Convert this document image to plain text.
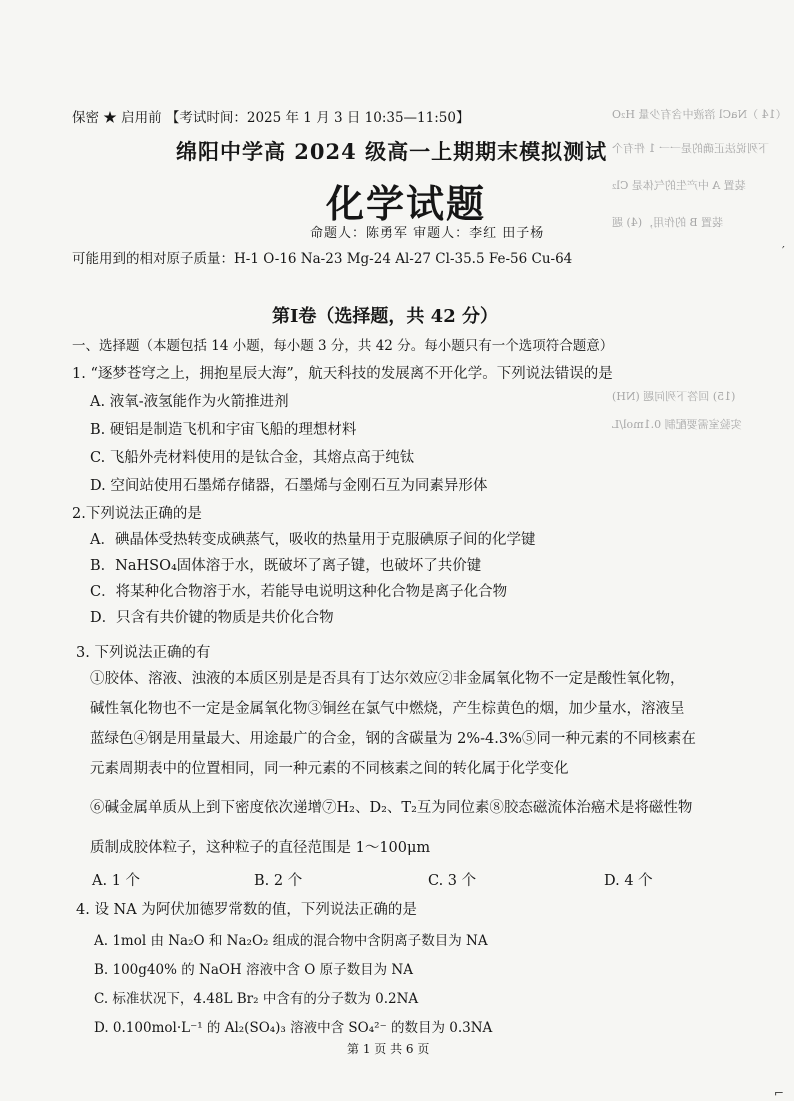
（14 ）NaCl 溶液中含有少量 H₂O
下列说法正确的是一一 1 件有个
装置 A 中产生的气体是 Cl₂
装置 B 的作用，(4) 题
(15) 回答下列问题 (NH)
实验室需要配制 0.1mol/L
′
⌐
保密 ★ 启用前 【考试时间：2025 年 1 月 3 日 10:35—11:50】
绵阳中学高 2024 级高一上期期末模拟测试
化学试题
命题人：陈勇军 审题人：李红 田子杨
可能用到的相对原子质量：H-1 O-16 Na-23 Mg-24 Al-27 Cl-35.5 Fe-56 Cu-64
第Ⅰ卷（选择题，共 42 分）
一、选择题（本题包括 14 小题，每小题 3 分，共 42 分。每小题只有一个选项符合题意）
1. “逐梦苍穹之上，拥抱星辰大海”，航天科技的发展离不开化学。下列说法错误的是
A. 液氧-液氢能作为火箭推进剂
B. 硬铝是制造飞机和宇宙飞船的理想材料
C. 飞船外壳材料使用的是钛合金，其熔点高于纯钛
D. 空间站使用石墨烯存储器，石墨烯与金刚石互为同素异形体
2.下列说法正确的是
A．碘晶体受热转变成碘蒸气，吸收的热量用于克服碘原子间的化学键
B．NaHSO₄固体溶于水，既破坏了离子键，也破坏了共价键
C．将某种化合物溶于水，若能导电说明这种化合物是离子化合物
D．只含有共价键的物质是共价化合物
3. 下列说法正确的有
①胶体、溶液、浊液的本质区别是是否具有丁达尔效应②非金属氧化物不一定是酸性氧化物，
碱性氧化物也不一定是金属氧化物③铜丝在氯气中燃烧，产生棕黄色的烟，加少量水，溶液呈
蓝绿色④钢是用量最大、用途最广的合金，钢的含碳量为 2%-4.3%⑤同一种元素的不同核素在
元素周期表中的位置相同，同一种元素的不同核素之间的转化属于化学变化
⑥碱金属单质从上到下密度依次递增⑦H₂、D₂、T₂互为同位素⑧胶态磁流体治癌术是将磁性物
质制成胶体粒子，这种粒子的直径范围是 1～100μm
A. 1 个	B. 2 个	C. 3 个	D. 4 个
4. 设 NA 为阿伏加德罗常数的值，下列说法正确的是
A. 1mol 由 Na₂O 和 Na₂O₂ 组成的混合物中含阴离子数目为 NA
B. 100g40% 的 NaOH 溶液中含 O 原子数目为 NA
C. 标准状况下，4.48L Br₂ 中含有的分子数为 0.2NA
D. 0.100mol·L⁻¹ 的 Al₂(SO₄)₃ 溶液中含 SO₄²⁻ 的数目为 0.3NA
第 1 页 共 6 页
